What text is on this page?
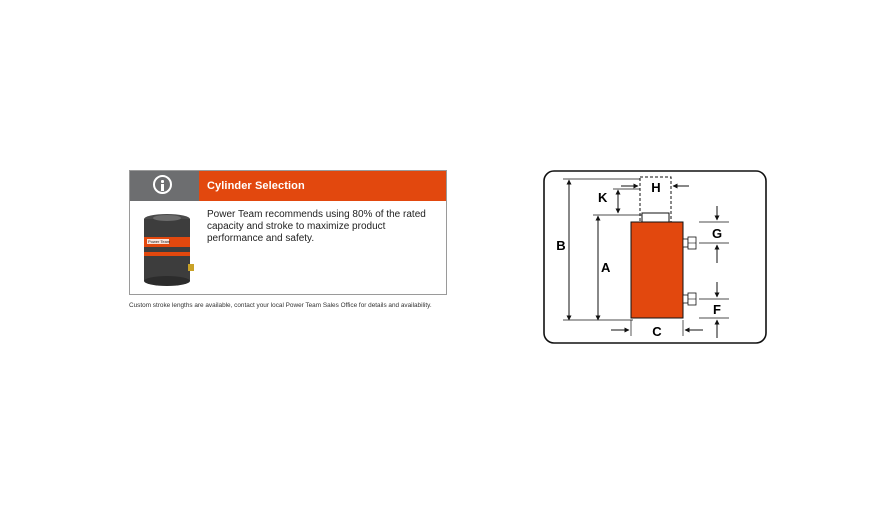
Cylinder Selection
Power Team
Power Team recommends using 80% of the rated capacity and stroke to maximize product performance and safety.
Custom stroke lengths are available, contact your local Power Team Sales Office for details and availability.
B
A
K
H
G
F
C
